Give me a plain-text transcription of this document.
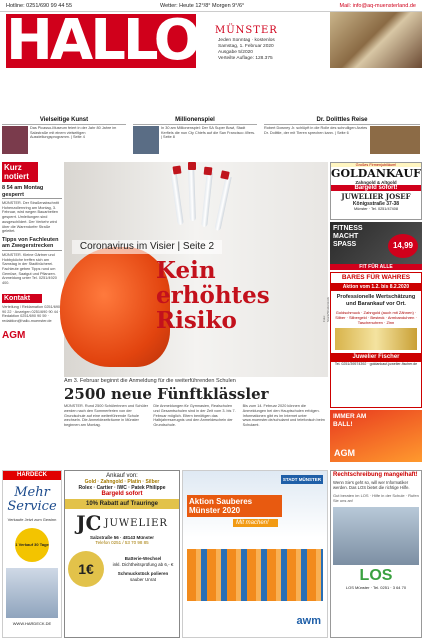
Hotline: 0251/690 99 44 55	Wetter: Heute 12°/8° Morgen 9°/6°	Mail: info@aq-muensterland.de
HALLO MÜNSTER
Jeden Sonntag · kostenlos
Samstag, 1. Februar 2020
Ausgabe 5/2020
Verteilte Auflage: 128.375
Vielseitige Kunst
Das Picasso-Museum feiert in der Jahr 80 Jahre im Salzstraße mit einem vielseitigen Ausstellungsprogramm. | Seite 4
Millionenspiel
In 30 am Millionenspiel: Der SA Super Bowl, Stadt Kerfiels die nun Cty Chiefs auf die San Francisco 49ers. | Seite 8
Dr. Dolittles Reise
Robert Downey Jr. schlüpft in die Rolle des schrulligen Arztes Dr. Dolittle, der mit Tieren sprechen kann. | Seite 6
Kurz notiert
8 54 am Montag gesperrt
MÜNSTER. Der Straßenabschnitt Hohenzollernring am Montag, 3. Februar, wird wegen Bauarbeiten gesperrt. Umleitungen sind ausgeschildert. Der Verkehr wird über die Warendorfer Straße geleitet.
Tipps von Fachleuten am Zwegerstrecken
MÜNSTER. Kleine Gärtner und Hobbyköche treffen sich am Samstag in der Stadtbücherei. Fachleute geben Tipps rund um Gemüse, Saatgut und Pflanzen. Anmeldung unter Tel. 0251/4920 400.
Kontakt
Verteilung / Reklamation 0251/690 90 22 · Anzeigen 0251/690 90 44 · Redaktion 0251/690 90 59 · redaktion@hallo-muenster.de
AGM
Coronavirus im Visier | Seite 2
Kein erhöhtes Risiko	Foto: Stock/Shutterstock
Großes Firmenjubiläum!
GOLDANKAUF
Zahngold & Altgold
Bargeld sofort!
JUWELIER JOSEF
Königsstraße 37-38
Münster · Tel. 0251/47408
FITNESS MACHT SPASS	14,99
FIT FÜR ALLE
BARES FÜR WAHRES
Aktion vom 1.2. bis 8.2.2020
Professionelle Wertschätzung und Barankauf vor Ort.
Goldschmuck · Zahngold (auch mit Zähnen) · Silber · Silbergeld · Besteck · Armbanduhren · Taschenuhren · Zinn
Juwelier Fischer
Tel. 0251/39574392 · goldankauf-juwelier-fischer.de
IMMER AM BALL!
AGM
Am 3. Februar beginnt die Anmeldung für die weiterführenden Schulen
2500 neue Fünftklässler
MÜNSTER. Rund 2500 Schülerinnen und Schüler werden nach den Sommerferien von der Grundschule auf eine weiterführende Schule wechseln. Die Anmeldezeiträume in Münster beginnen am Montag.
Die Anmeldungen für Gymnasien, Realschulen und Gesamtschulen sind in der Zeit vom 3. bis 7. Februar möglich. Eltern benötigen das Halbjahreszeugnis und den Anmeldeschein der Grundschule.
Bis zum 14. Februar 2020 können die Anmeldungen bei den Hauptschulen erfolgen. Informationen gibt es im Internet unter www.muenster.de/schulamt und telefonisch beim Schulamt.
HARDECK
Mehr Service
Verkaufe Jetzt zum Gewinn
1 Verkauf 30 Tage
WWW.HARDECK.DE
Ankauf von:
Gold · Zahngold · Platin · Silber
Rolex · Cartier · IWC · Patek Philippe
Bargeld sofort
10% Rabatt auf Trauringe
JC JUWELIER
Salzstraße 56 · 48143 Münster
Telefon 0251 / 53 70 98 85
1€
Batterie-Wechsel
inkl. Dichtheitsprüfung ab 6,- €
Schmuckstück polieren
sauber Unrat
STADT MÜNSTER
Aktion Sauberes Münster 2020
Mit machen!
awm
Rechtschreibung mangelhaft!
Wenn Sie's geht so, will wer Informatiker werden. Das LOS bietet die richtige Hilfe.
Gut beraten im LOS · Hilfe in der Schule · Rufen Sie uns an!
LOS
LOS Münster · Tel. 0251 · 3 64 70
